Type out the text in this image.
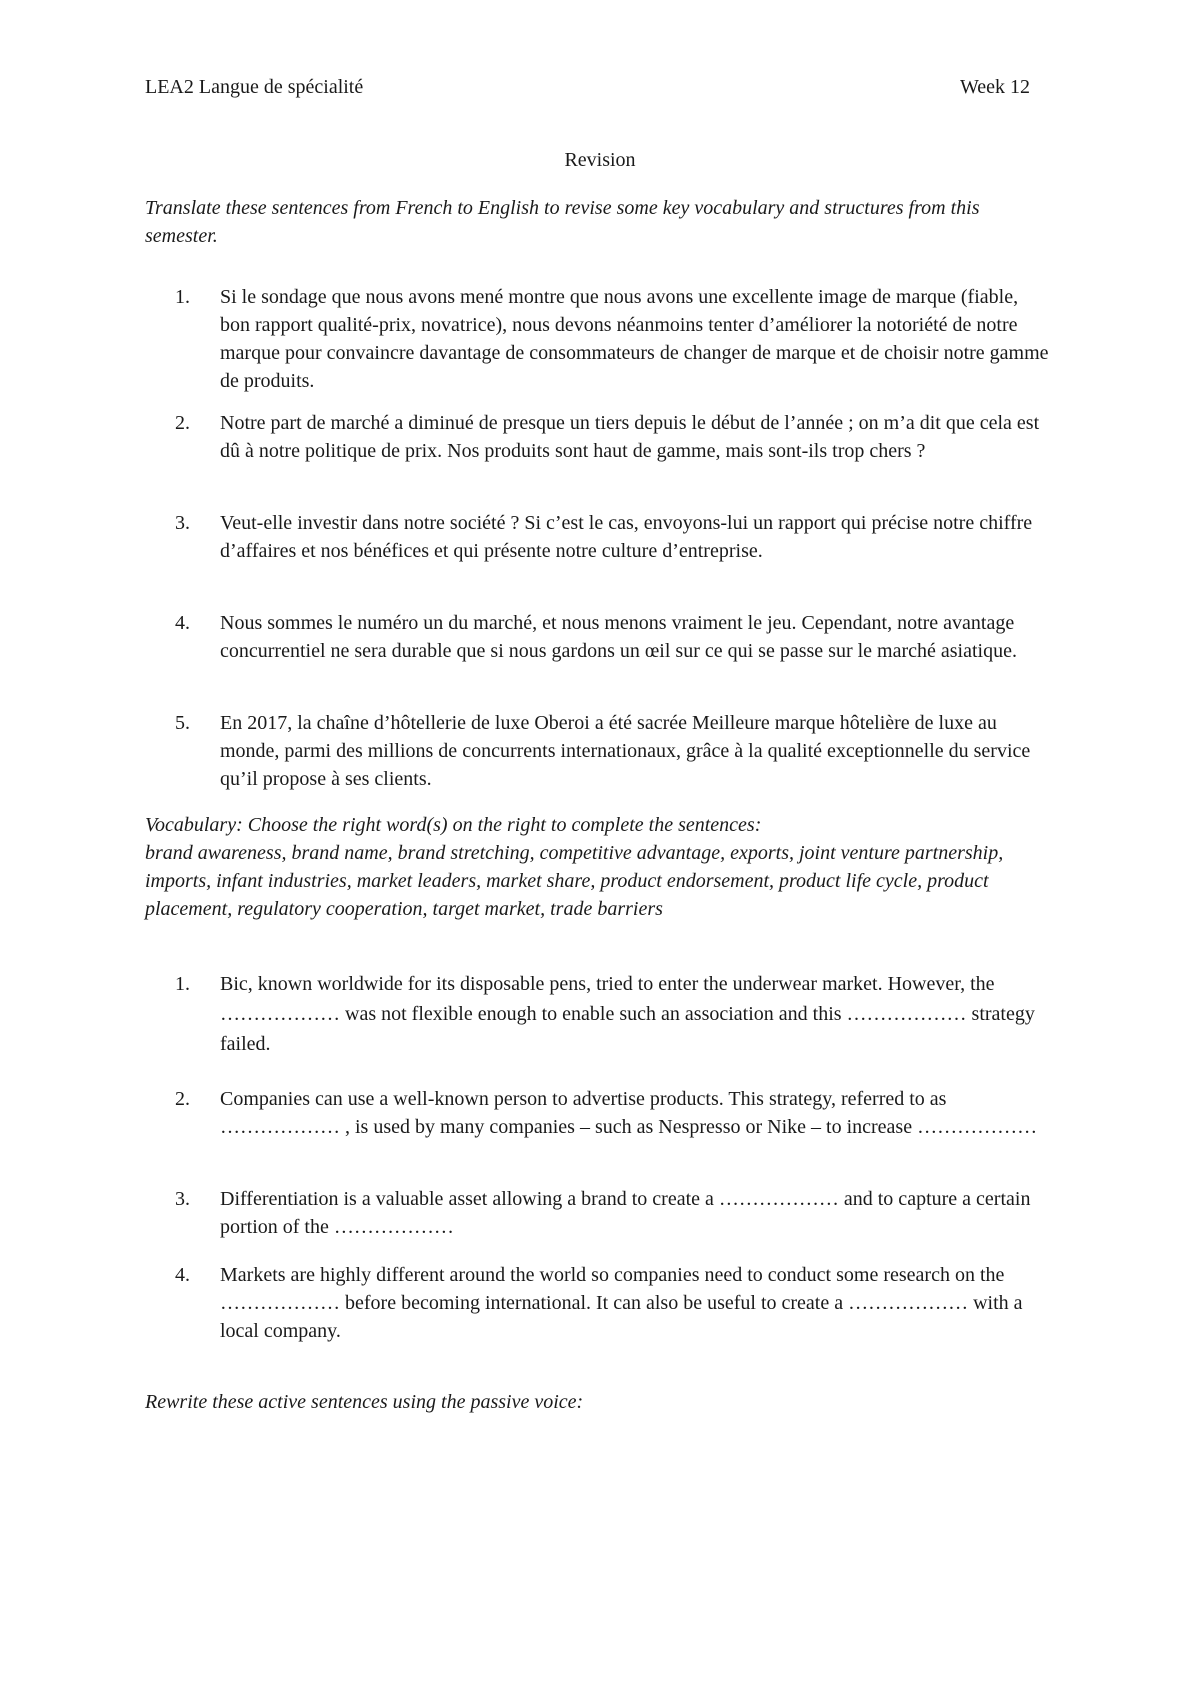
LEA2 Langue de spécialité	Week 12
Revision
Translate these sentences from French to English to revise some key vocabulary and structures from this semester.
1. Si le sondage que nous avons mené montre que nous avons une excellente image de marque (fiable, bon rapport qualité-prix, novatrice), nous devons néanmoins tenter d’améliorer la notoriété de notre marque pour convaincre davantage de consommateurs de changer de marque et de choisir notre gamme de produits.
2. Notre part de marché a diminué de presque un tiers depuis le début de l’année ; on m’a dit que cela est dû à notre politique de prix. Nos produits sont haut de gamme, mais sont-ils trop chers ?
3. Veut-elle investir dans notre société ? Si c’est le cas, envoyons-lui un rapport qui précise notre chiffre d’affaires et nos bénéfices et qui présente notre culture d’entreprise.
4. Nous sommes le numéro un du marché, et nous menons vraiment le jeu. Cependant, notre avantage concurrentiel ne sera durable que si nous gardons un œil sur ce qui se passe sur le marché asiatique.
5. En 2017, la chaîne d’hôtellerie de luxe Oberoi a été sacrée Meilleure marque hôtelière de luxe au monde, parmi des millions de concurrents internationaux, grâce à la qualité exceptionnelle du service qu’il propose à ses clients.
Vocabulary: Choose the right word(s) on the right to complete the sentences:
brand awareness, brand name, brand stretching, competitive advantage, exports, joint venture partnership, imports, infant industries, market leaders, market share, product endorsement, product life cycle, product placement, regulatory cooperation, target market, trade barriers
1. Bic, known worldwide for its disposable pens, tried to enter the underwear market. However, the ……………… was not flexible enough to enable such an association and this ……………… strategy failed.
2. Companies can use a well-known person to advertise products. This strategy, referred to as ……………… , is used by many companies – such as Nespresso or Nike – to increase ………………
3. Differentiation is a valuable asset allowing a brand to create a ……………… and to capture a certain portion of the ………………
4. Markets are highly different around the world so companies need to conduct some research on the ……………… before becoming international. It can also be useful to create a ……………… with a local company.
Rewrite these active sentences using the passive voice:
